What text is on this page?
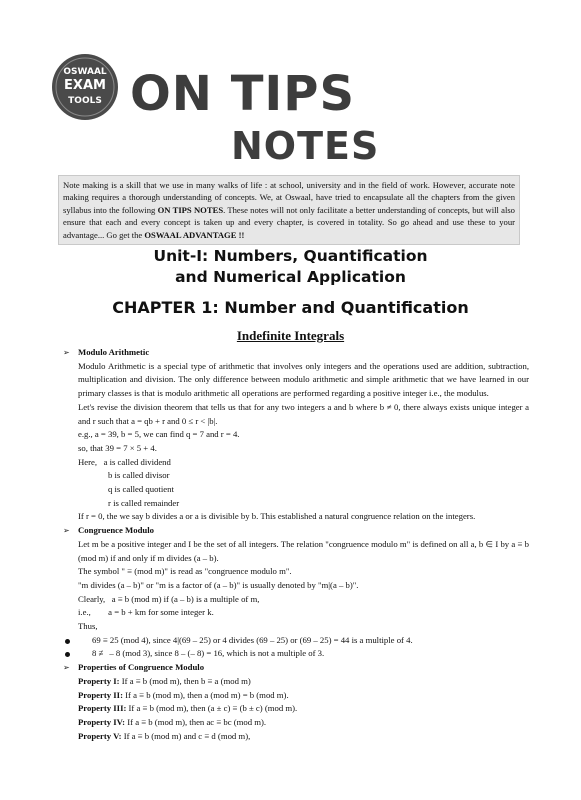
OSWAAL
EXAM
TOOLS ON TIPS
NOTES
Note making is a skill that we use in many walks of life : at school, university and in the field of work. However, accurate note making requires a thorough understanding of concepts. We, at Oswaal, have tried to encapsulate all the chapters from the given syllabus into the following ON TIPS NOTES. These notes will not only facilitate a better understanding of concepts, but will also ensure that each and every concept is taken up and every chapter, is covered in totality. So go ahead and use these to your advantage... Go get the OSWAAL ADVANTAGE !!
Unit-I: Numbers, Quantification
and Numerical Application
CHAPTER 1: Number and Quantification
Indefinite Integrals

➢ Modulo Arithmetic

Modulo Arithmetic is a special type of arithmetic that involves only integers and the operations used are addition, subtraction, multiplication and division. The only difference between modulo arithmetic and simple arithmetic that we have learned in our primary classes is that is modulo arithmetic all operations are performed regarding a positive integer i.e., the modulus.

Let's revise the division theorem that tells us that for any two integers a and b where b ≠ 0, there always exists unique integer a and r such that a = qb + r and 0 ≤ r < |b|.

e.g., a = 39, b = 5, we can find q = 7 and r = 4.

so, that 39 = 7 × 5 + 4.

Here,   a is called dividend

b is called divisor

q is called quotient

r is called remainder

If r = 0, the we say b divides a or a is divisible by b. This established a natural congruence relation on the integers.

➢ Congruence Modulo

Let m be a positive integer and I be the set of all integers. The relation "congruence modulo m" is defined on all a, b ∈ I by a ≡ b (mod m) if and only if m divides (a – b).

The symbol " ≡ (mod m)" is read as "congruence modulo m".

"m divides (a – b)" or "m is a factor of (a – b)" is usually denoted by "m|(a – b)".

Clearly,   a ≡ b (mod m) if (a – b) is a multiple of m,

i.e.,        a = b + km for some integer k.

Thus,

69 ≡ 25 (mod 4), since 4|(69 – 25) or 4 divides (69 – 25) or (69 – 25) = 44 is a multiple of 4.

8 ≢ – 8 (mod 3), since 8 – (– 8) = 16, which is not a multiple of 3.

➢ Properties of Congruence Modulo

Property I: If a ≡ b (mod m), then b ≡ a (mod m)

Property II: If a ≡ b (mod m), then a (mod m) = b (mod m).

Property III: If a ≡ b (mod m), then (a ± c) ≡ (b ± c) (mod m).

Property IV: If a ≡ b (mod m), then ac ≡ bc (mod m).

Property V: If a ≡ b (mod m) and c ≡ d (mod m),
